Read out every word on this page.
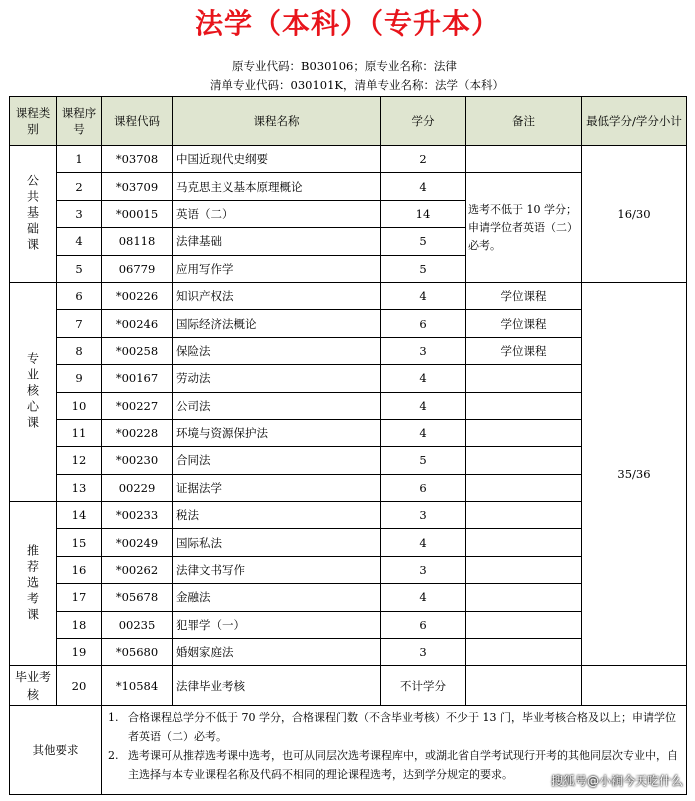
法学（本科）（专升本）
原专业代码：B030106；原专业名称：法律
清单专业代码：030101K，清单专业名称：法学（本科）
课程类别	课程序号	课程代码	课程名称	学分	备注	最低学分/学分小计
公共基础课	1	*03708	中国近现代史纲要	2		16/30
	2	*03709	马克思主义基本原理概论	4	选考不低于 10 学分；申请学位者英语（二）必考。	
	3	*00015	英语（二）	14		
	4	08118	法律基础	5		
	5	06779	应用写作学	5		
专业核心课	6	*00226	知识产权法	4	学位课程	35/36
	7	*00246	国际经济法概论	6	学位课程	
	8	*00258	保险法	3	学位课程	
	9	*00167	劳动法	4		
	10	*00227	公司法	4		
	11	*00228	环境与资源保护法	4		
	12	*00230	合同法	5		
	13	00229	证据法学	6		
推荐选考课	14	*00233	税法	3		
	15	*00249	国际私法	4		
	16	*00262	法律文书写作	3		
	17	*05678	金融法	4		
	18	00235	犯罪学（一）	6		
	19	*05680	婚姻家庭法	3		
毕业考核	20	*10584	法律毕业考核	不计学分		
其他要求		1. 合格课程总学分不低于 70 学分，合格课程门数（不含毕业考核）不少于 13 门，毕业考核合格及以上；申请学位者英语（二）必考。
2. 选考课可从推荐选考课中选考，也可从同层次选考课程库中，或湖北省自学考试现行开考的其他同层次专业中，自主选择与本专业课程名称及代码不相同的理论课程选考，达到学分规定的要求。					搜狐号@小裥今天吃什么
